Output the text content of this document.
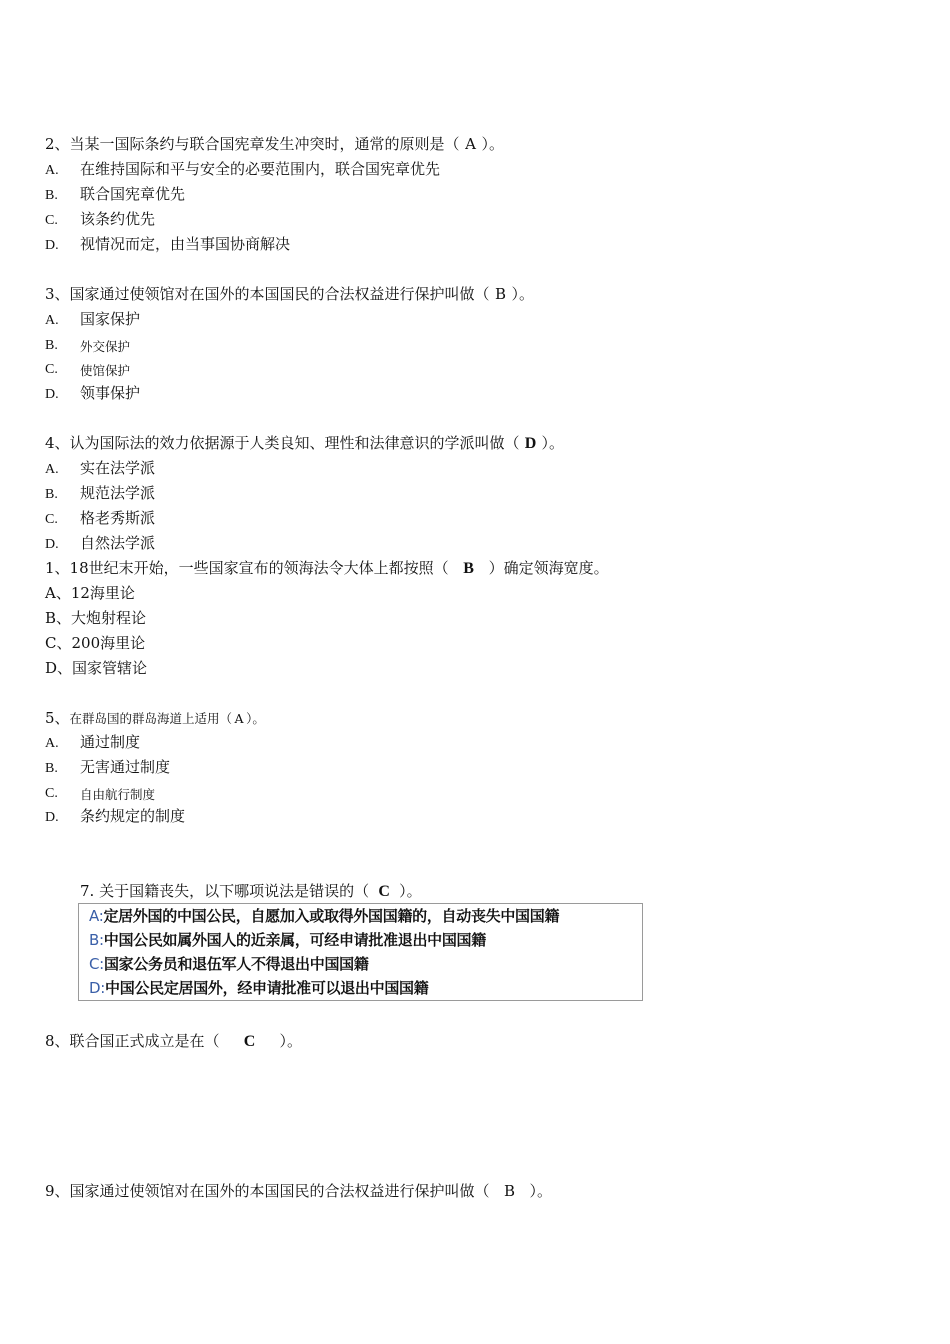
2、当某一国际条约与联合国宪章发生冲突时，通常的原则是（ A ）。
A. 在维持国际和平与安全的必要范围内，联合国宪章优先
B. 联合国宪章优先
C. 该条约优先
D. 视情况而定，由当事国协商解决
3、国家通过使领馆对在国外的本国国民的合法权益进行保护叫做（ B ）。
A. 国家保护
B. 外交保护
C. 使馆保护
D. 领事保护
4、认为国际法的效力依据源于人类良知、理性和法律意识的学派叫做（ D ）。
A. 实在法学派
B. 规范法学派
C. 格老秀斯派
D. 自然法学派
1、18世纪末开始，一些国家宣布的领海法令大体上都按照（ B ）确定领海宽度。
A、12海里论
B、大炮射程论
C、200海里论
D、国家管辖论
5、在群岛国的群岛海道上适用（ A ）。
A. 通过制度
B. 无害通过制度
C. 自由航行制度
D. 条约规定的制度
7. 关于国籍丧失，以下哪项说法是错误的（ C ）。
A:定居外国的中国公民，自愿加入或取得外国国籍的，自动丧失中国国籍
B:中国公民如属外国人的近亲属，可经申请批准退出中国国籍
C:国家公务员和退伍军人不得退出中国国籍
D:中国公民定居国外，经申请批准可以退出中国国籍
8、联合国正式成立是在（ C ）。
9、国家通过使领馆对在国外的本国国民的合法权益进行保护叫做（ B ）。
